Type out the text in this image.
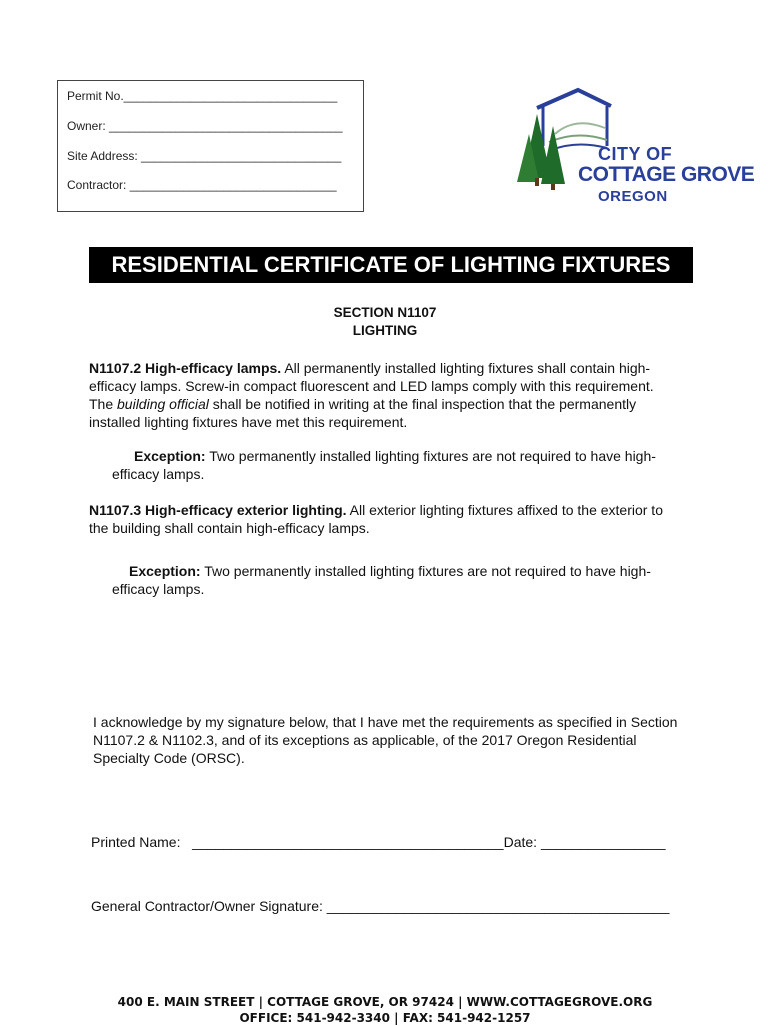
Permit No.________________________________
Owner: ___________________________________
Site Address: ______________________________
Contractor: _______________________________
CITY OF
COTTAGE GROVE
OREGON
RESIDENTIAL CERTIFICATE OF LIGHTING FIXTURES
SECTION N1107
LIGHTING
N1107.2 High-efficacy lamps. All permanently installed lighting fixtures shall contain high-efficacy lamps. Screw-in compact fluorescent and LED lamps comply with this requirement. The building official shall be notified in writing at the final inspection that the permanently installed lighting fixtures have met this requirement.
Exception: Two permanently installed lighting fixtures are not required to have high-efficacy lamps.
N1107.3 High-efficacy exterior lighting. All exterior lighting fixtures affixed to the exterior to the building shall contain high-efficacy lamps.
Exception: Two permanently installed lighting fixtures are not required to have high-efficacy lamps.
I acknowledge by my signature below, that I have met the requirements as specified in Section N1107.2 & N1102.3, and of its exceptions as applicable, of the 2017 Oregon Residential Specialty Code (ORSC).
Printed Name:   ________________________________________Date: ________________
General Contractor/Owner Signature: ____________________________________________
400 E. MAIN STREET | COTTAGE GROVE, OR 97424 | WWW.COTTAGEGROVE.ORG
OFFICE: 541-942-3340 | FAX: 541-942-1257
